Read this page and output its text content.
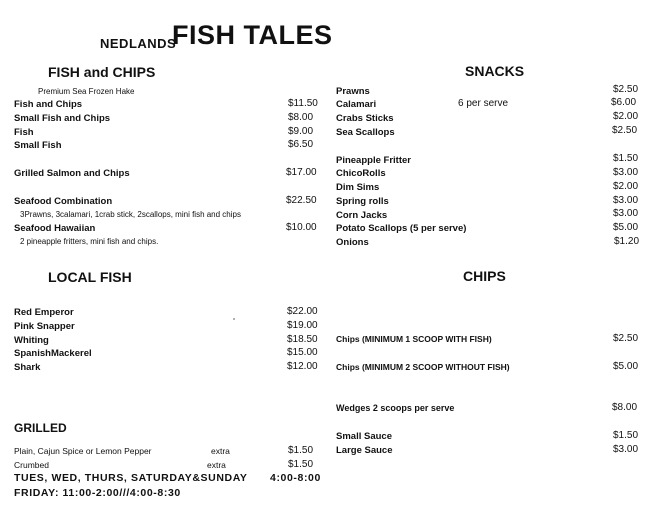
NEDLANDS
FISH TALES
FISH and CHIPS
Premium Sea Frozen Hake
Fish and Chips	$11.50
Small Fish and Chips	$8.00
Fish	$9.00
Small Fish	$6.50
Grilled Salmon and Chips	$17.00
Seafood Combination	$22.50
3Prawns, 3calamari, 1crab stick, 2scallops, mini fish and chips
Seafood Hawaiian	$10.00
2 pineapple fritters, mini fish and chips.
LOCAL FISH
Red Emperor	$22.00
Pink Snapper	$19.00
Whiting	$18.50
SpanishMackerel	$15.00
Shark	$12.00
GRILLED
Plain, Cajun Spice or Lemon Pepper	extra	$1.50
Crumbed	extra	$1.50
TUES, WED, THURS, SATURDAY&SUNDAY 4:00-8:00
FRIDAY: 11:00-2:00///4:00-8:30
SNACKS
Prawns	$2.50
Calamari	6 per serve	$6.00
Crabs Sticks	$2.00
Sea Scallops	$2.50
Pineapple Fritter	$1.50
ChicoRolls	$3.00
Dim Sims	$2.00
Spring rolls	$3.00
Corn Jacks	$3.00
Potato Scallops (5 per serve)	$5.00
Onions	$1.20
CHIPS
Chips (MINIMUM 1 SCOOP WITH FISH)	$2.50
Chips (MINIMUM 2 SCOOP WITHOUT FISH)	$5.00
Wedges 2 scoops per serve	$8.00
Small Sauce	$1.50
Large Sauce	$3.00
